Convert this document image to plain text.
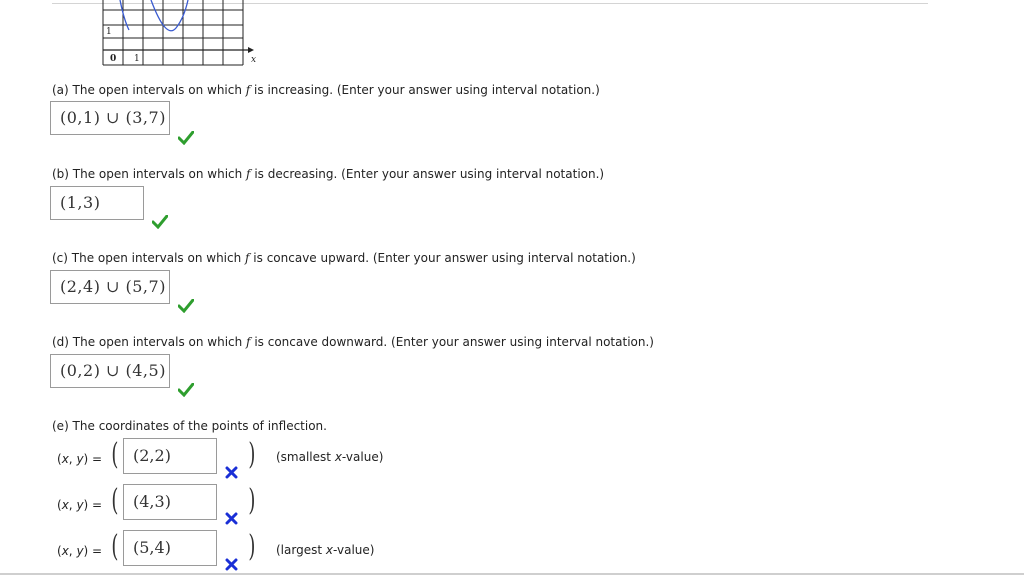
1
0 1	x
(a) The open intervals on which f is increasing. (Enter your answer using interval notation.)
(0,1) ∪ (3,7)
(b) The open intervals on which f is decreasing. (Enter your answer using interval notation.)
(1,3)
(c) The open intervals on which f is concave upward. (Enter your answer using interval notation.)
(2,4) ∪ (5,7)
(d) The open intervals on which f is concave downward. (Enter your answer using interval notation.)
(0,2) ∪ (4,5)
(e) The coordinates of the points of inflection.
(x, y) = ( (2,2)	) (smallest x-value)
(x, y) = ( (4,3)	)
(x, y) = ( (5,4)	) (largest x-value)
